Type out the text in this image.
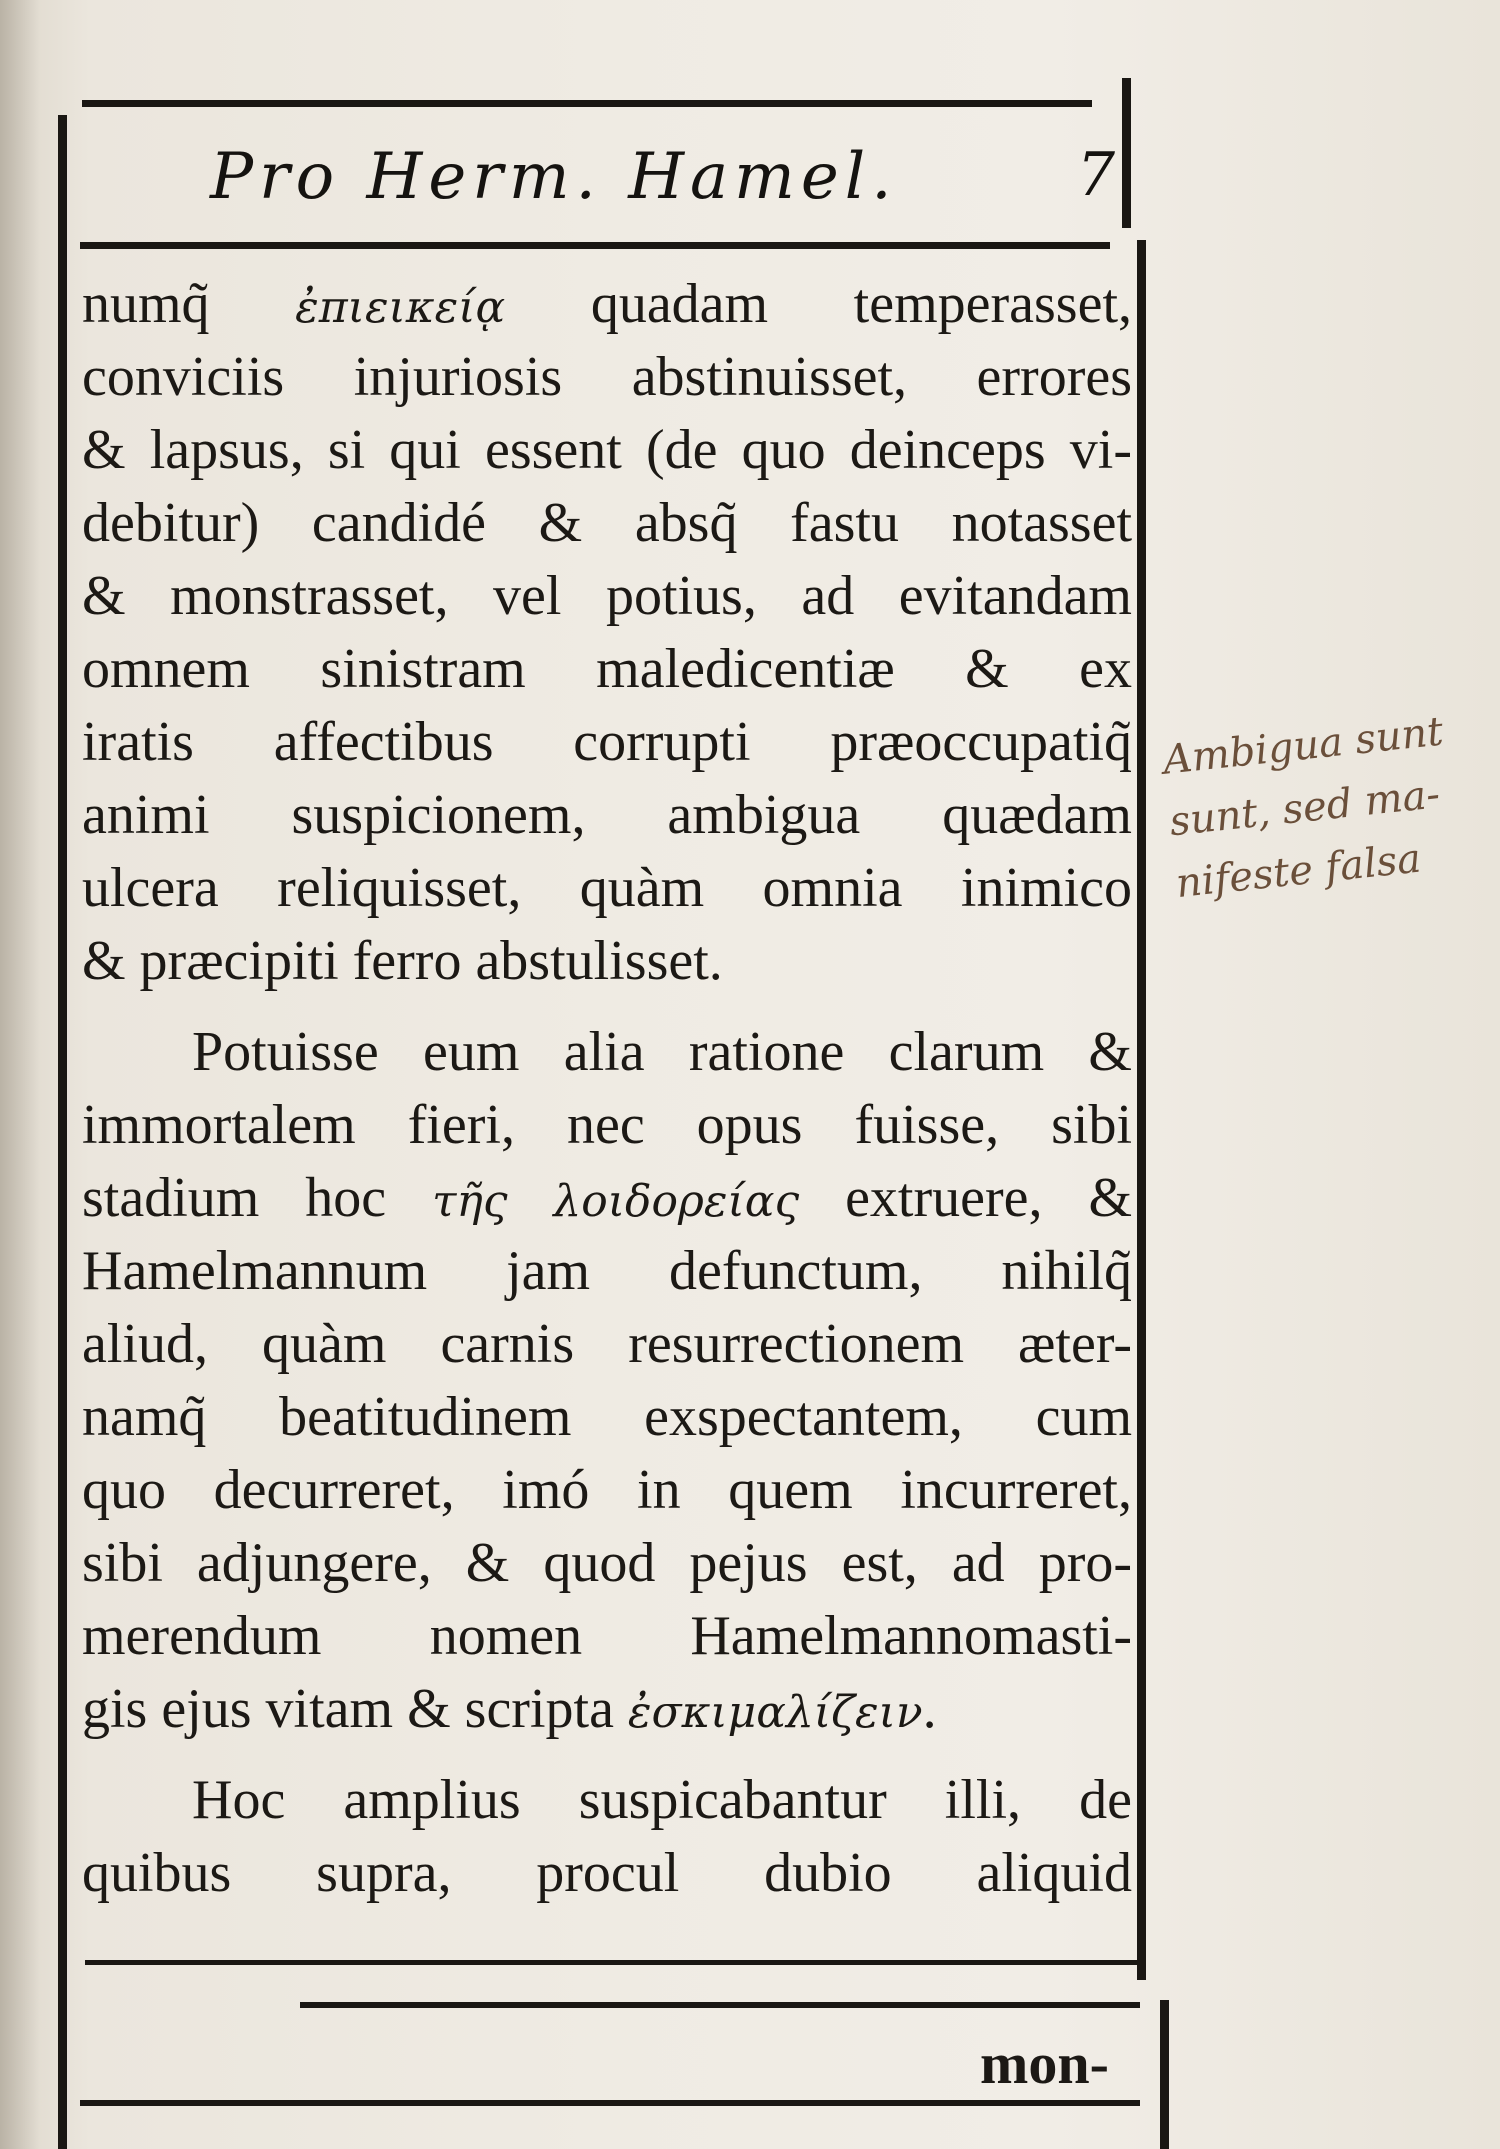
Pro Herm. Hamel.	7
numq̃ ἐπιεικείᾳ quadam temperasset,
conviciis injuriosis abstinuisset, errores
& lapsus, si qui essent (de quo deinceps vi-
debitur) candidé & absq̃ fastu notasset
& monstrasset, vel potius, ad evitandam
omnem sinistram maledicentiæ & ex
iratis affectibus corrupti præoccupatiq̃
animi suspicionem, ambigua quædam
ulcera reliquisset, quàm omnia inimico
& præcipiti ferro abstulisset.
Potuisse eum alia ratione clarum &
immortalem fieri, nec opus fuisse, sibi
stadium hoc τῆς λοιδορείας extruere, &
Hamelmannum jam defunctum, nihilq̃
aliud, quàm carnis resurrectionem æter-
namq̃ beatitudinem exspectantem, cum
quo decurreret, imó in quem incurreret,
sibi adjungere, & quod pejus est, ad pro-
merendum nomen Hamelmannomasti-
gis ejus vitam & scripta ἐσκιμαλίζειν.
Hoc amplius suspicabantur illi, de
quibus supra, procul dubio aliquid
mon-
Ambigua sunt
sunt, sed ma-
nifeste falsa
